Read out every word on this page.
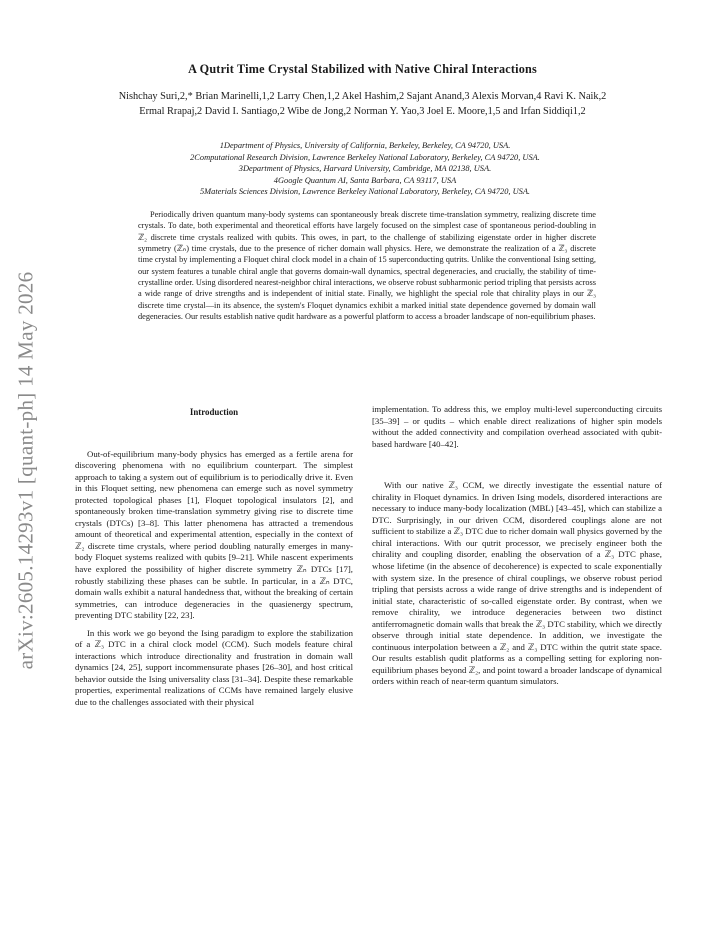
arXiv:2605.14293v1 [quant-ph] 14 May 2026
A Qutrit Time Crystal Stabilized with Native Chiral Interactions
Nishchay Suri,2,* Brian Marinelli,1,2 Larry Chen,1,2 Akel Hashim,2 Sajant Anand,3 Alexis Morvan,4 Ravi K. Naik,2 Ermal Rrapaj,2 David I. Santiago,2 Wibe de Jong,2 Norman Y. Yao,3 Joel E. Moore,1,5 and Irfan Siddiqi1,2
1Department of Physics, University of California, Berkeley, Berkeley, CA 94720, USA.
2Computational Research Division, Lawrence Berkeley National Laboratory, Berkeley, CA 94720, USA.
3Department of Physics, Harvard University, Cambridge, MA 02138, USA.
4Google Quantum AI, Santa Barbara, CA 93117, USA
5Materials Sciences Division, Lawrence Berkeley National Laboratory, Berkeley, CA 94720, USA.

Periodically driven quantum many-body systems can spontaneously break discrete time-translation symmetry, realizing discrete time crystals. To date, both experimental and theoretical efforts have largely focused on the simplest case of spontaneous period-doubling in ℤ₂ discrete time crystals realized with qubits. This owes, in part, to the challenge of stabilizing eigenstate order in higher discrete symmetry (ℤₙ) time crystals, due to the presence of richer domain wall physics. Here, we demonstrate the realization of a ℤ₃ discrete time crystal by implementing a Floquet chiral clock model in a chain of 15 superconducting qutrits. Unlike the conventional Ising setting, our system features a tunable chiral angle that governs domain-wall dynamics, spectral degeneracies, and crucially, the stability of time-crystalline order. Using disordered nearest-neighbor chiral interactions, we observe robust subharmonic period tripling that persists across a wide range of drive strengths and is independent of initial state. Finally, we highlight the special role that chirality plays in our ℤ₃ discrete time crystal—in its absence, the system's Floquet dynamics exhibit a marked initial state dependence governed by domain wall degeneracies. Our results establish native qudit hardware as a powerful platform to access a broader landscape of non-equilibrium phases.

Introduction

Out-of-equilibrium many-body physics has emerged as a fertile arena for discovering phenomena with no equilibrium counterpart. The simplest approach to taking a system out of equilibrium is to periodically drive it. Even in this Floquet setting, new phenomena can emerge such as novel symmetry protected topological phases [1], Floquet topological insulators [2], and spontaneously broken time-translation symmetry giving rise to discrete time crystals (DTCs) [3–8]. This latter phenomena has attracted a tremendous amount of theoretical and experimental attention, especially in the context of ℤ₂ discrete time crystals, where period doubling naturally emerges in many-body Floquet systems realized with qubits [9–21]. While nascent experiments have explored the possibility of higher discrete symmetry ℤₙ DTCs [17], robustly stabilizing these phases can be subtle. In particular, in a ℤₙ DTC, domain walls exhibit a natural handedness that, without the breaking of certain symmetries, can introduce degeneracies in the quasienergy spectrum, preventing DTC stability [22, 23].

In this work we go beyond the Ising paradigm to explore the stabilization of a ℤ₃ DTC in a chiral clock model (CCM). Such models feature chiral interactions which introduce directionality and frustration in domain wall dynamics [24, 25], support incommensurate phases [26–30], and host critical behavior outside the Ising universality class [31–34]. Despite these remarkable properties, experimental realizations of CCMs have remained largely elusive due to the challenges associated with their physical

implementation. To address this, we employ multi-level superconducting circuits [35–39] – or qudits – which enable direct realizations of higher spin models without the added connectivity and compilation overhead associated with qubit-based hardware [40–42].

With our native ℤ₃ CCM, we directly investigate the essential nature of chirality in Floquet dynamics. In driven Ising models, disordered interactions are necessary to induce many-body localization (MBL) [43–45], which can stabilize a DTC. Surprisingly, in our driven CCM, disordered couplings alone are not sufficient to stabilize a ℤ₃ DTC due to richer domain wall physics governed by the chiral interactions. With our qutrit processor, we precisely engineer both the chirality and coupling disorder, enabling the observation of a ℤ₃ DTC phase, whose lifetime (in the absence of decoherence) is expected to scale exponentially with system size. In the presence of chiral couplings, we observe robust period tripling that persists across a wide range of drive strengths and is independent of initial state, characteristic of so-called eigenstate order. By contrast, when we remove chirality, we introduce degeneracies between two distinct antiferromagnetic domain walls that break the ℤ₃ DTC stability, which we directly observe through initial state dependence. In addition, we investigate the continuous interpolation between a ℤ₂ and ℤ₃ DTC within the qutrit state space. Our results establish qudit platforms as a compelling setting for exploring non-equilibrium phases beyond ℤ₂, and point toward a broader landscape of dynamical orders within reach of near-term quantum simulators.
